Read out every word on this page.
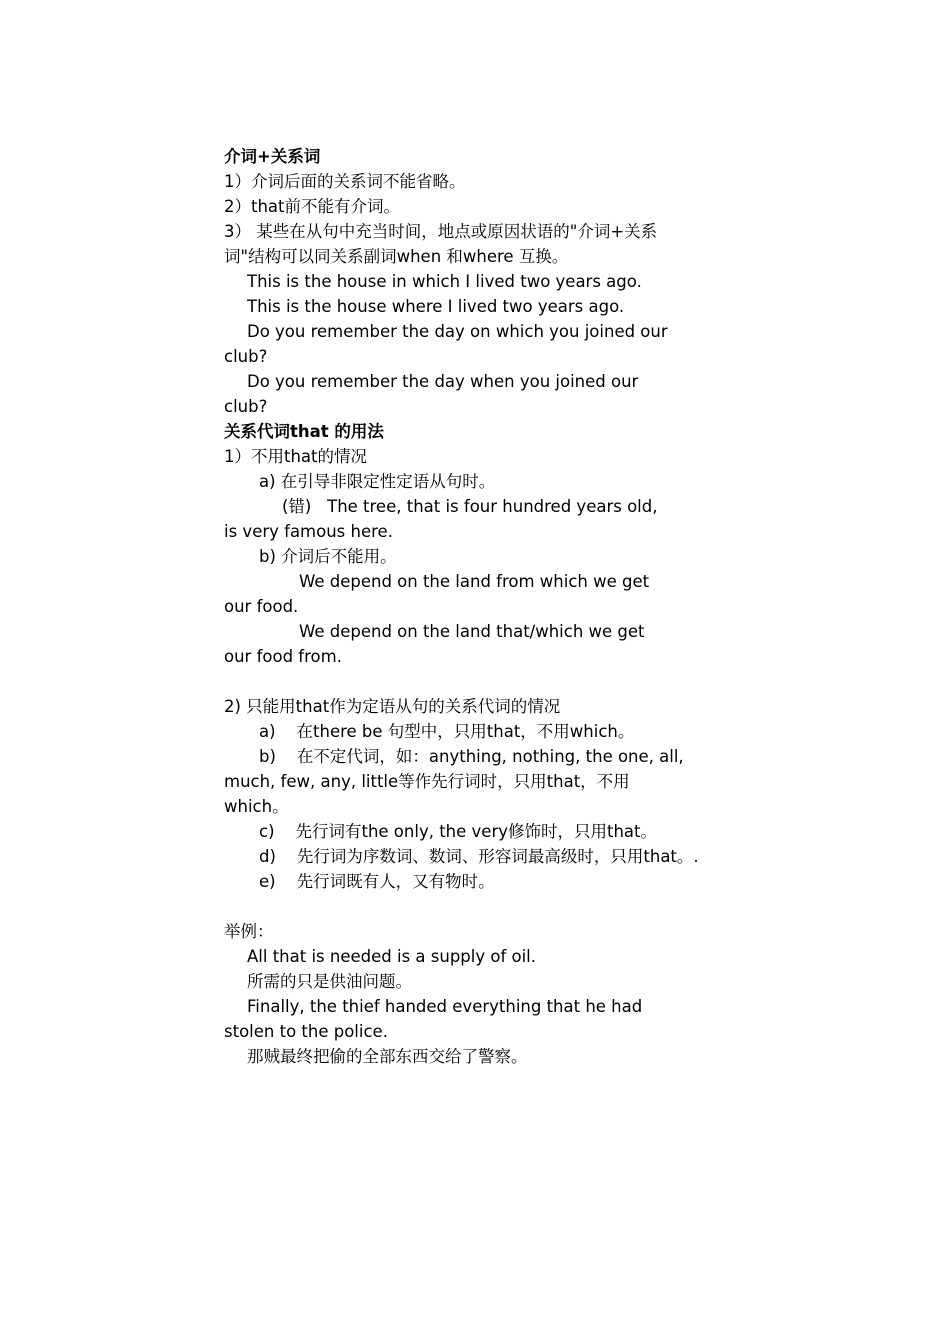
介词+关系词
1）介词后面的关系词不能省略。
2）that前不能有介词。
3） 某些在从句中充当时间，地点或原因状语的"介词+关系
词"结构可以同关系副词when 和where 互换。
This is the house in which I lived two years ago.
This is the house where I lived two years ago.
Do you remember the day on which you joined our
club?
Do you remember the day when you joined our
club?
关系代词that 的用法
1）不用that的情况
a) 在引导非限定性定语从句时。
(错)   The tree, that is four hundred years old,
is very famous here.
b) 介词后不能用。
We depend on the land from which we get
our food.
We depend on the land that/which we get
our food from.
2) 只能用that作为定语从句的关系代词的情况
a)    在there be 句型中，只用that，不用which。
b)    在不定代词，如：anything, nothing, the one, all,
much, few, any, little等作先行词时，只用that，不用
which。
c)    先行词有the only, the very修饰时，只用that。
d)    先行词为序数词、数词、形容词最高级时，只用that。.
e)    先行词既有人，又有物时。
举例：
All that is needed is a supply of oil.
所需的只是供油问题。
Finally, the thief handed everything that he had
stolen to the police.
那贼最终把偷的全部东西交给了警察。
